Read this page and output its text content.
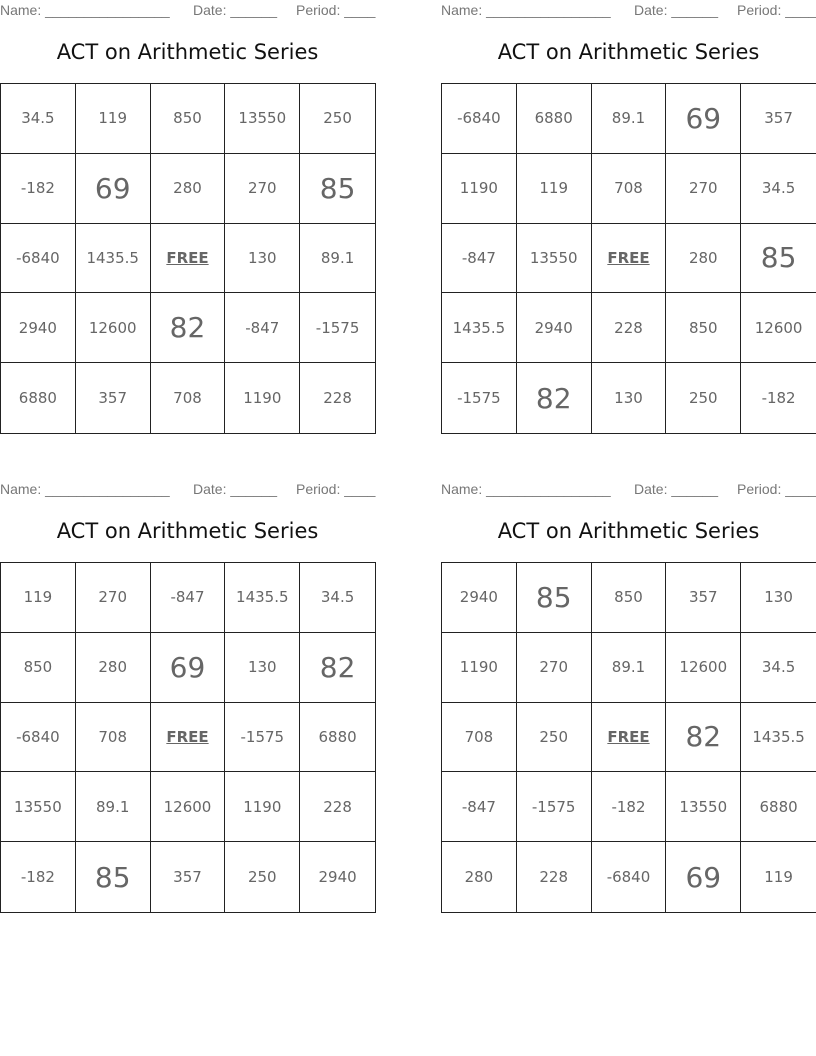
Name: ________________ Date: ______ Period: ____
ACT on Arithmetic Series
34.5	119	850	13550	250
-182	69	280	270	85
-6840	1435.5	FREE	130	89.1
2940	12600	82	-847	-1575
6880	357	708	1190	228
Name: ________________ Date: ______ Period: ____
ACT on Arithmetic Series
-6840	6880	89.1	69	357
1190	119	708	270	34.5
-847	13550	FREE	280	85
1435.5	2940	228	850	12600
-1575	82	130	250	-182
Name: ________________ Date: ______ Period: ____
ACT on Arithmetic Series
119	270	-847	1435.5	34.5
850	280	69	130	82
-6840	708	FREE	-1575	6880
13550	89.1	12600	1190	228
-182	85	357	250	2940
Name: ________________ Date: ______ Period: ____
ACT on Arithmetic Series
2940	85	850	357	130
1190	270	89.1	12600	34.5
708	250	FREE	82	1435.5
-847	-1575	-182	13550	6880
280	228	-6840	69	119
